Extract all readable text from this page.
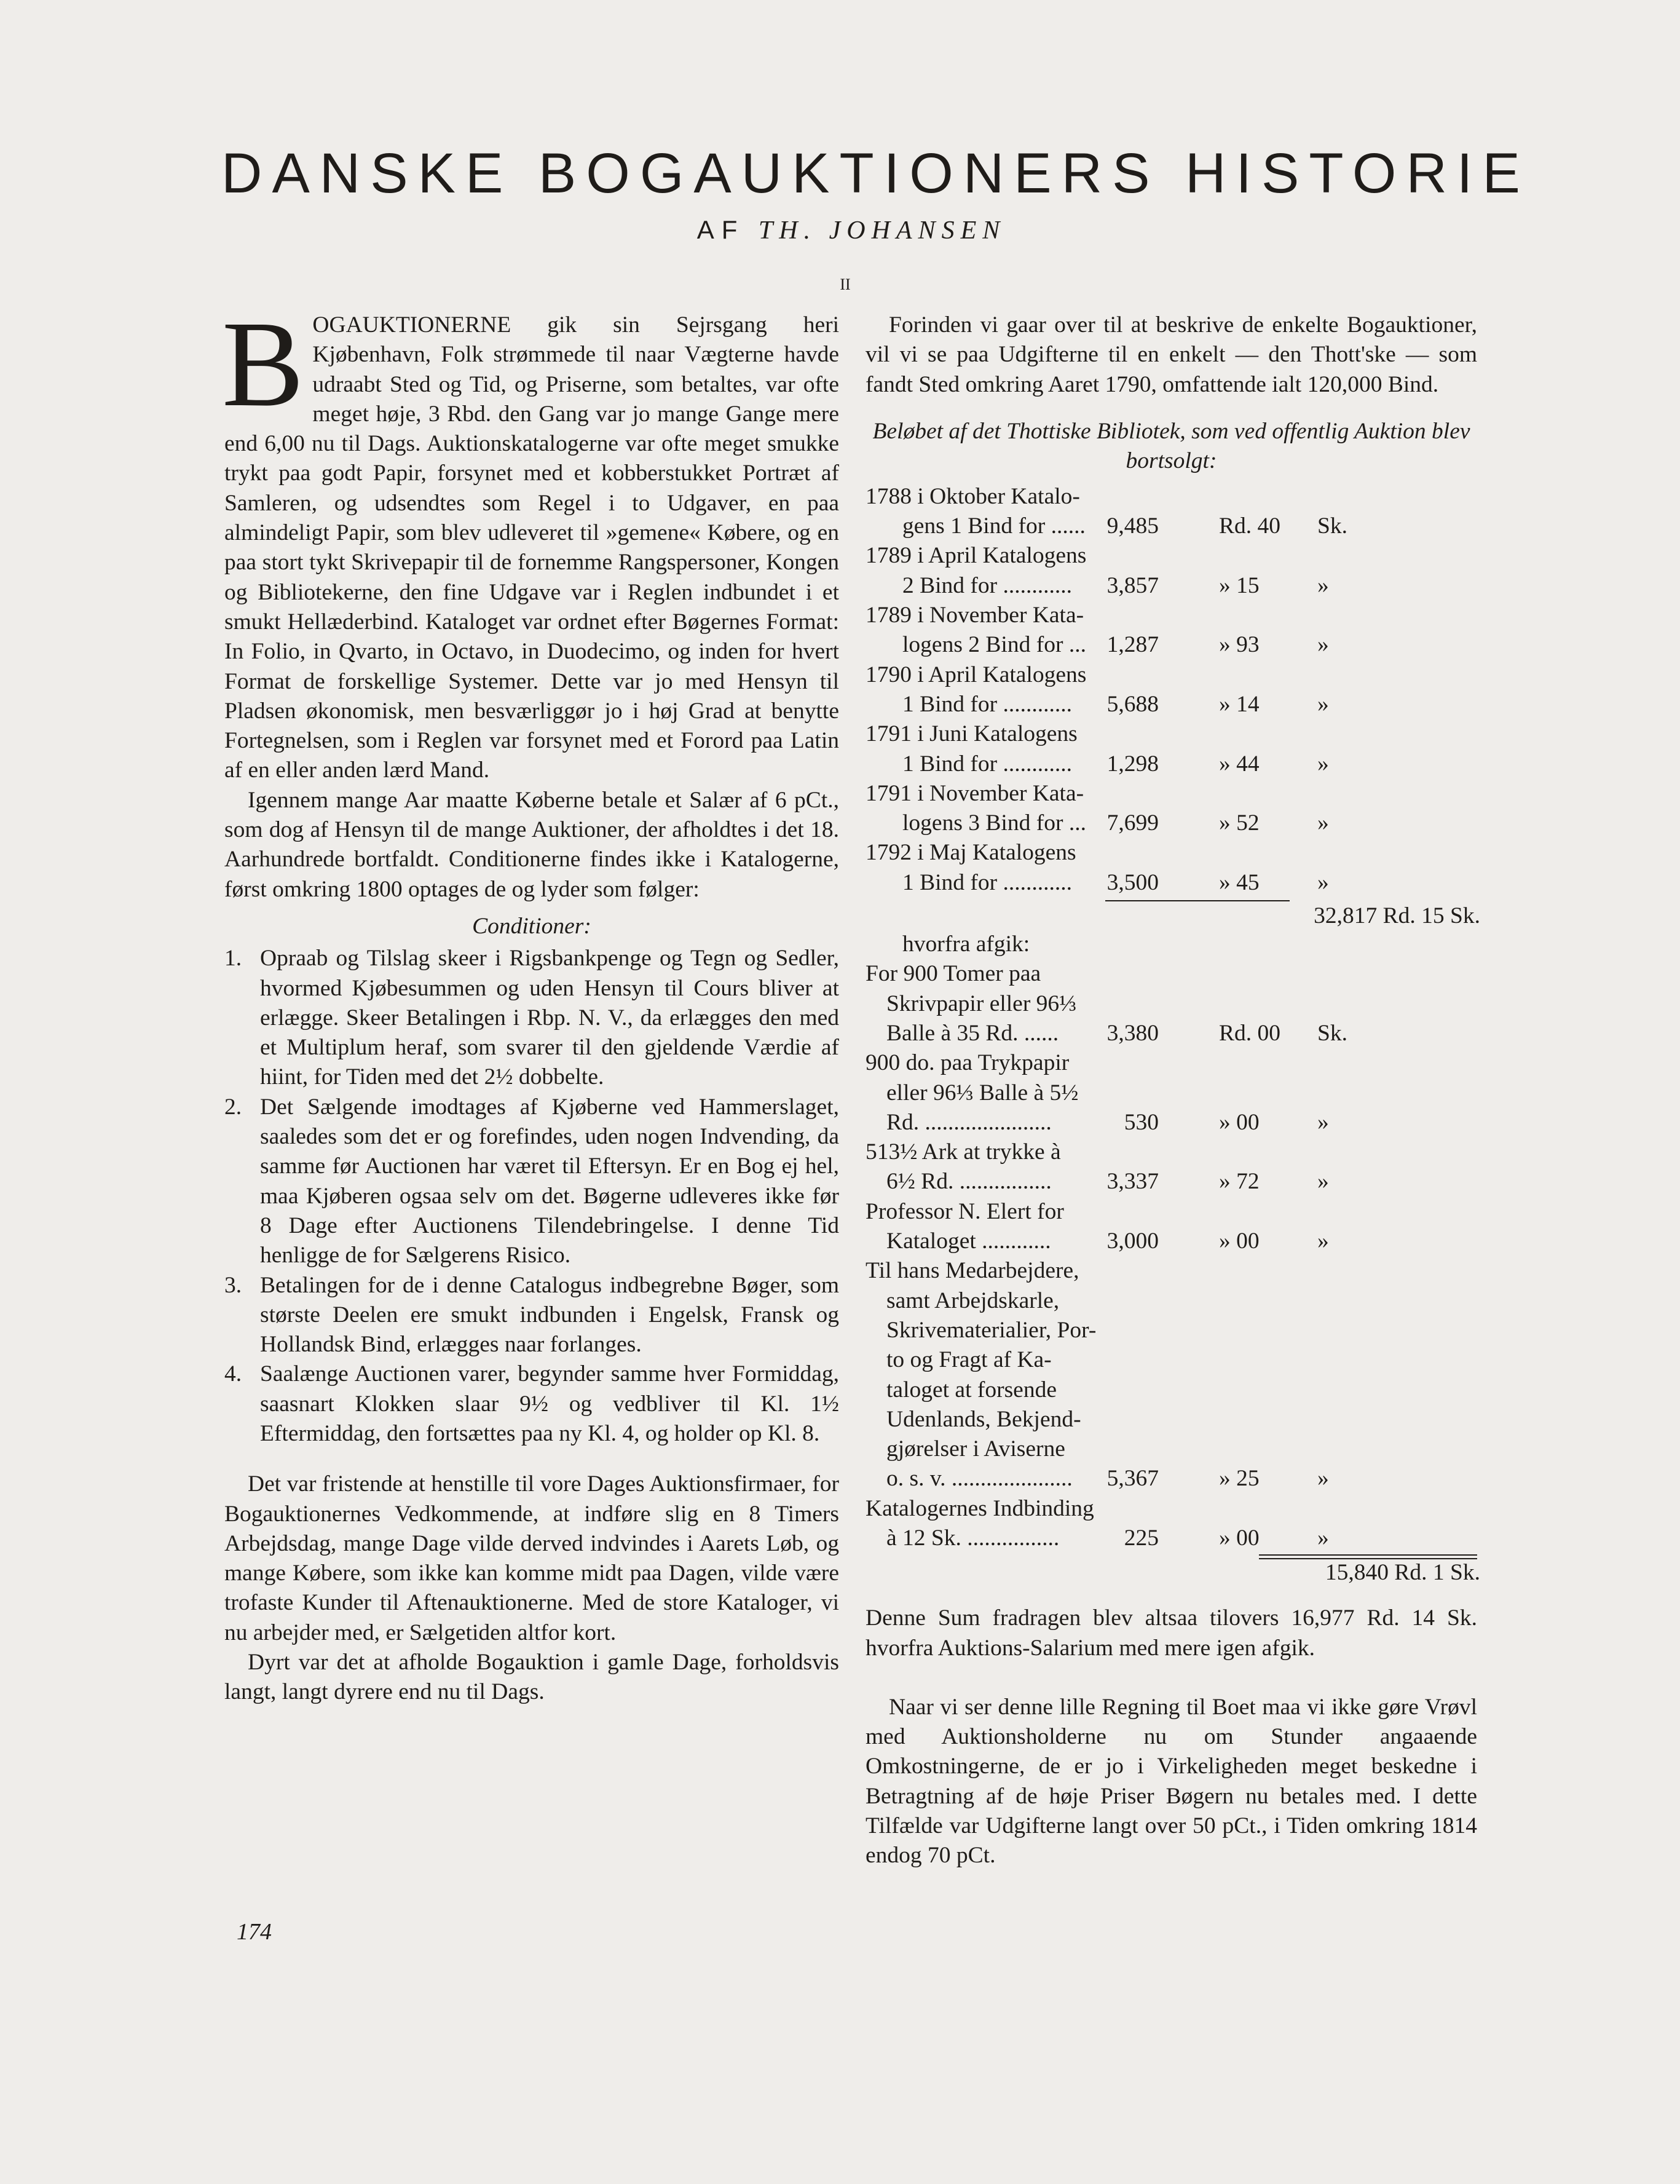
DANSKE BOGAUKTIONERS HISTORIE
AF TH. JOHANSEN
II

BOGAUKTIONERNE gik sin Sejrsgang heri Kjøbenhavn, Folk strømmede til naar Vægterne havde udraabt Sted og Tid, og Priserne, som betaltes, var ofte meget høje, 3 Rbd. den Gang var jo mange Gange mere end 6,00 nu til Dags. Auktionskatalogerne var ofte meget smukke trykt paa godt Papir, forsynet med et kobberstukket Portræt af Samleren, og udsendtes som Regel i to Udgaver, en paa almindeligt Papir, som blev udleveret til »gemene« Købere, og en paa stort tykt Skrivepapir til de fornemme Rangspersoner, Kongen og Bibliotekerne, den fine Udgave var i Reglen indbundet i et smukt Hellæderbind. Kataloget var ordnet efter Bøgernes Format: In Folio, in Qvarto, in Octavo, in Duodecimo, og inden for hvert Format de forskellige Systemer. Dette var jo med Hensyn til Pladsen økonomisk, men besværliggør jo i høj Grad at benytte Fortegnelsen, som i Reglen var forsynet med et Forord paa Latin af en eller anden lærd Mand.

Igennem mange Aar maatte Køberne betale et Salær af 6 pCt., som dog af Hensyn til de mange Auktioner, der afholdtes i det 18. Aarhundrede bortfaldt. Conditionerne findes ikke i Katalogerne, først omkring 1800 optages de og lyder som følger:

Conditioner:
1. Opraab og Tilslag skeer i Rigsbankpenge og Tegn og Sedler, hvormed Kjøbesummen og uden Hensyn til Cours bliver at erlægge. Skeer Betalingen i Rbp. N. V., da erlægges den med et Multiplum heraf, som svarer til den gjeldende Værdie af hiint, for Tiden med det 2½ dobbelte.
2. Det Sælgende imodtages af Kjøberne ved Hammerslaget, saaledes som det er og forefindes, uden nogen Indvending, da samme før Auctionen har været til Eftersyn. Er en Bog ej hel, maa Kjøberen ogsaa selv om det. Bøgerne udleveres ikke før 8 Dage efter Auctionens Tilendebringelse. I denne Tid henligge de for Sælgerens Risico.
3. Betalingen for de i denne Catalogus indbegrebne Bøger, som største Deelen ere smukt indbunden i Engelsk, Fransk og Hollandsk Bind, erlægges naar forlanges.
4. Saalænge Auctionen varer, begynder samme hver Formiddag, saasnart Klokken slaar 9½ og vedbliver til Kl. 1½ Eftermiddag, den fortsættes paa ny Kl. 4, og holder op Kl. 8.

Det var fristende at henstille til vore Dages Auktionsfirmaer, for Bogauktionernes Vedkommende, at indføre slig en 8 Timers Arbejdsdag, mange Dage vilde derved indvindes i Aarets Løb, og mange Købere, som ikke kan komme midt paa Dagen, vilde være trofaste Kunder til Aftenauktionerne. Med de store Kataloger, vi nu arbejder med, er Sælgetiden altfor kort.

Dyrt var det at afholde Bogauktion i gamle Dage, forholdsvis langt, langt dyrere end nu til Dags.

Forinden vi gaar over til at beskrive de enkelte Bogauktioner, vil vi se paa Udgifterne til en enkelt — den Thott'ske — som fandt Sted omkring Aaret 1790, omfattende ialt 120,000 Bind.

Beløbet af det Thottiske Bibliotek, som ved offentlig Auktion blev bortsolgt:
1788 i Oktober Katalo-
gens 1 Bind for ...... 9,485	Rd. 40 Sk.
1789 i April Katalogens
2 Bind for ............ 3,857	» 15	»
1789 i November Kata-
logens 2 Bind for ... 1,287	» 93	»
1790 i April Katalogens
1 Bind for ............ 5,688	» 14	»
1791 i Juni Katalogens
1 Bind for ............ 1,298	» 44	»
1791 i November Kata-
logens 3 Bind for ... 7,699	» 52	»
1792 i Maj Katalogens
1 Bind for ............ 3,500	» 45	»
32,817 Rd. 15 Sk.
hvorfra afgik:
For 900 Tomer paa
Skrivpapir eller 96⅓
Balle à 35 Rd. ...... 3,380	Rd. 00 Sk.
900 do. paa Trykpapir
eller 96⅓ Balle à 5½
Rd. ......................	530	» 00	»
513½ Ark at trykke à
6½ Rd. ................ 3,337	» 72	»
Professor N. Elert for
Kataloget ............ 3,000	» 00	»
Til hans Medarbejdere,
samt Arbejdskarle,
Skrivematerialier, Por-
to og Fragt af Ka-
taloget at forsende
Udenlands, Bekjend-
gjørelser i Aviserne
o. s. v. ..................... 5,367	» 25	»
Katalogernes Indbinding
à 12 Sk. ................	225	» 00	»
15,840 Rd. 1 Sk.

Denne Sum fradragen blev altsaa tilovers 16,977 Rd. 14 Sk. hvorfra Auktions-Salarium med mere igen afgik.

Naar vi ser denne lille Regning til Boet maa vi ikke gøre Vrøvl med Auktionsholderne nu om Stunder angaaende Omkostningerne, de er jo i Virkeligheden meget beskedne i Betragtning af de høje Priser Bøgern nu betales med. I dette Tilfælde var Udgifterne langt over 50 pCt., i Tiden omkring 1814 endog 70 pCt.

174
